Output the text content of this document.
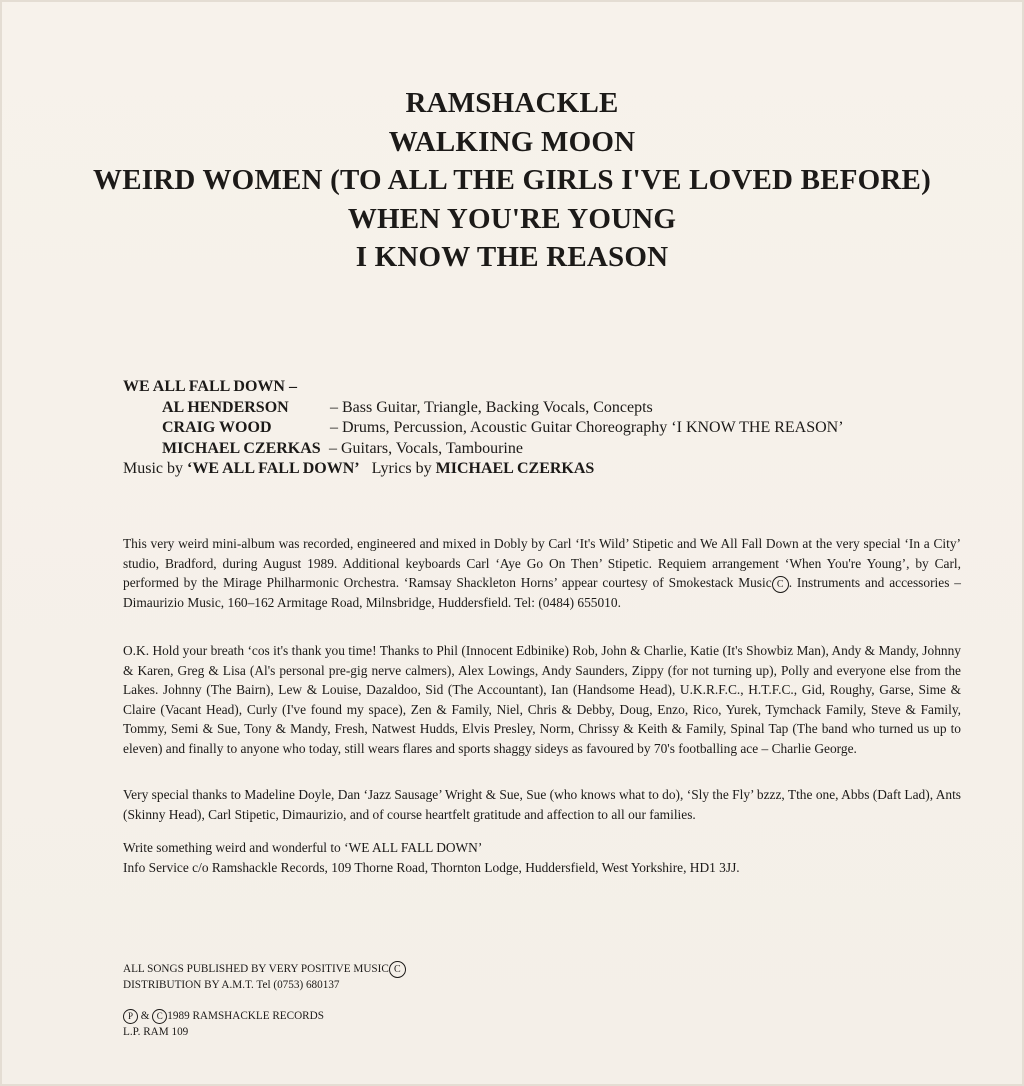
RAMSHACKLE
WALKING MOON
WEIRD WOMEN (TO ALL THE GIRLS I'VE LOVED BEFORE)
WHEN YOU'RE YOUNG
I KNOW THE REASON
WE ALL FALL DOWN –
AL HENDERSON	– Bass Guitar, Triangle, Backing Vocals, Concepts
CRAIG WOOD	– Drums, Percussion, Acoustic Guitar Choreography ‘I KNOW THE REASON’
MICHAEL CZERKAS – Guitars, Vocals, Tambourine
Music by ‘WE ALL FALL DOWN’ Lyrics by MICHAEL CZERKAS

This very weird mini-album was recorded, engineered and mixed in Dobly by Carl ‘It's Wild’ Stipetic and We All Fall Down at the very special ‘In a City’ studio, Bradford, during August 1989. Additional keyboards Carl ‘Aye Go On Then’ Stipetic. Requiem arrangement ‘When You're Young’, by Carl, performed by the Mirage Philharmonic Orchestra. ‘Ramsay Shackleton Horns’ appear courtesy of Smokestack Music C . Instruments and accessories – Dimaurizio Music, 160–162 Armitage Road, Milnsbridge, Huddersfield. Tel: (0484) 655010.

O.K. Hold your breath ‘cos it's thank you time! Thanks to Phil (Innocent Edbinike) Rob, John & Charlie, Katie (It's Showbiz Man), Andy & Mandy, Johnny & Karen, Greg & Lisa (Al's personal pre-gig nerve calmers), Alex Lowings, Andy Saunders, Zippy (for not turning up), Polly and everyone else from the Lakes. Johnny (The Bairn), Lew & Louise, Dazaldoo, Sid (The Accountant), Ian (Handsome Head), U.K.R.F.C., H.T.F.C., Gid, Roughy, Garse, Sime & Claire (Vacant Head), Curly (I've found my space), Zen & Family, Niel, Chris & Debby, Doug, Enzo, Rico, Yurek, Tymchack Family, Steve & Family, Tommy, Semi & Sue, Tony & Mandy, Fresh, Natwest Hudds, Elvis Presley, Norm, Chrissy & Keith & Family, Spinal Tap (The band who turned us up to eleven) and finally to anyone who today, still wears flares and sports shaggy sideys as favoured by 70's footballing ace – Charlie George.

Very special thanks to Madeline Doyle, Dan ‘Jazz Sausage’ Wright & Sue, Sue (who knows what to do), ‘Sly the Fly’ bzzz, Tthe one, Abbs (Daft Lad), Ants (Skinny Head), Carl Stipetic, Dimaurizio, and of course heartfelt gratitude and affection to all our families.

Write something weird and wonderful to ‘WE ALL FALL DOWN’
Info Service c/o Ramshackle Records, 109 Thorne Road, Thornton Lodge, Huddersfield, West Yorkshire, HD1 3JJ.
ALL SONGS PUBLISHED BY VERY POSITIVE MUSIC C
DISTRIBUTION BY A.M.T. Tel (0753) 680137
P & C 1989 RAMSHACKLE RECORDS
L.P. RAM 109
